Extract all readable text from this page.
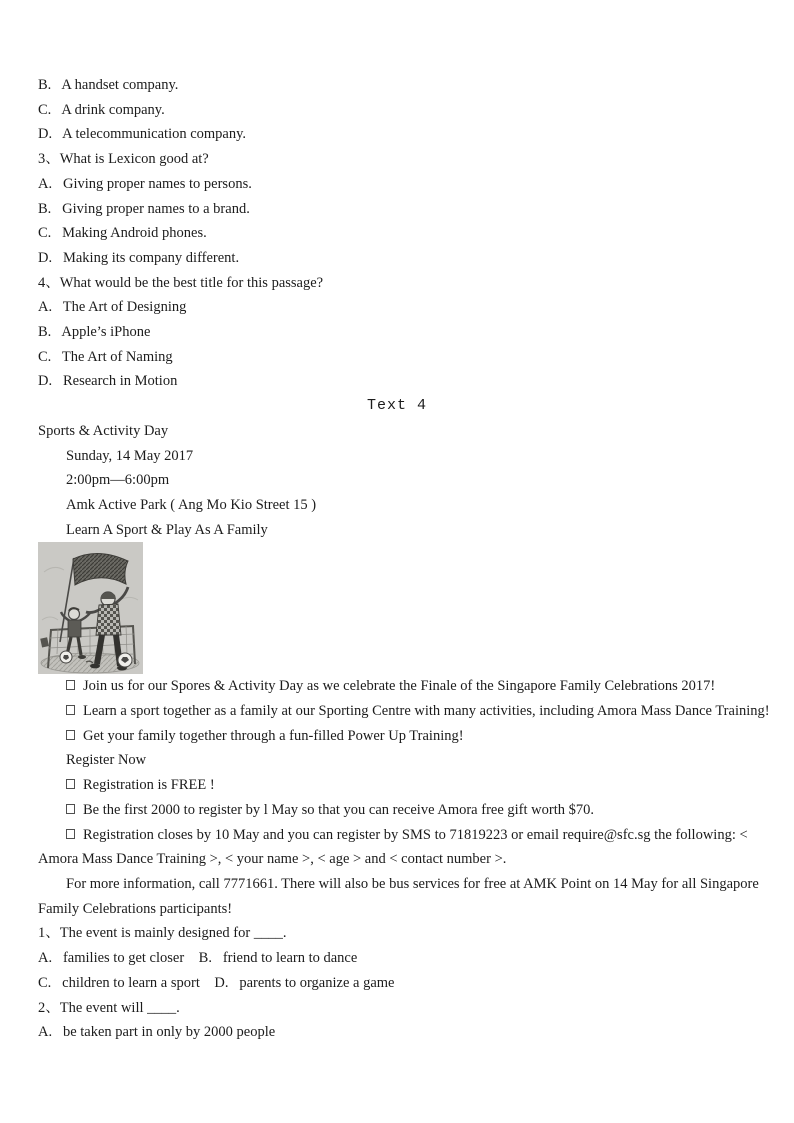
B.   A handset company.
C.   A drink company.
D.   A telecommunication company.
3、What is Lexicon good at?
A.   Giving proper names to persons.
B.   Giving proper names to a brand.
C.   Making Android phones.
D.   Making its company different.
4、What would be the best title for this passage?
A.   The Art of Designing
B.   Apple’s iPhone
C.   The Art of Naming
D.   Research in Motion
Text 4
Sports & Activity Day
Sunday, 14 May 2017
2:00pm—6:00pm
Amk Active Park ( Ang Mo Kio Street 15 )
Learn A Sport & Play As A Family
Join us for our Spores & Activity Day as we celebrate the Finale of the Singapore Family Celebrations 2017!
Learn a sport together as a family at our Sporting Centre with many activities, including Amora Mass Dance Training!
Get your family together through a fun-filled Power Up Training!
Register Now
Registration is FREE !
Be the first 2000 to register by l May so that you can receive Amora free gift worth $70.
Registration closes by 10 May and you can register by SMS to 71819223 or email require@sfc.sg the following: <
Amora Mass Dance Training >, < your name >, < age > and < contact number >.
For more information, call 7771661. There will also be bus services for free at AMK Point on 14 May for all Singapore
Family Celebrations participants!
1、The event is mainly designed for ____.
A.   families to get closer    B.   friend to learn to dance
C.   children to learn a sport    D.   parents to organize a game
2、The event will ____.
A.   be taken part in only by 2000 people
